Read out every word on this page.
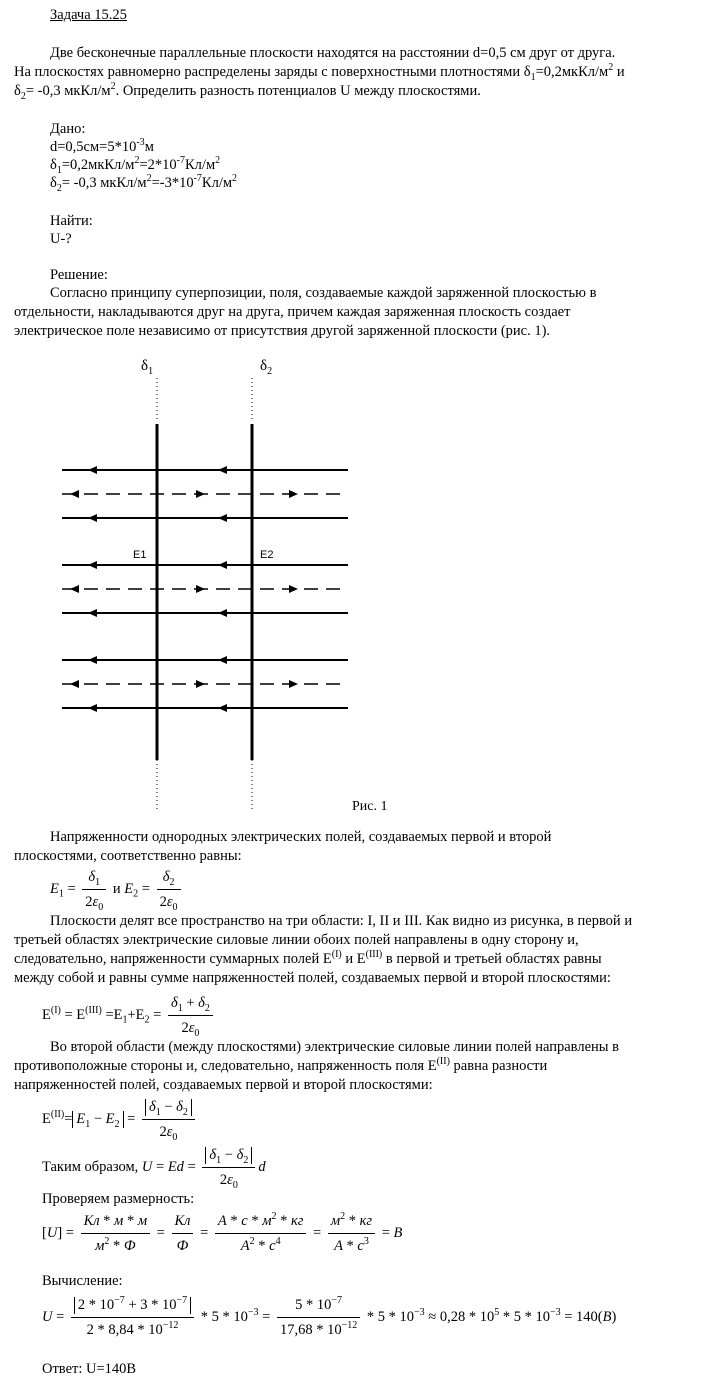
Задача 15.25
Две бесконечные параллельные плоскости находятся на расстоянии d=0,5 см друг от друга.
На плоскостях равномерно распределены заряды с поверхностными плотностями $\delta_1=0,2мкКл/м^2$ и
$\delta_2= -0,3$ мкКл/$м^2$. Определить разность потенциалов U между плоскостями.
Дано:
$d=0,5см=5*10^{-3}м$
$\delta_1=0,2мкКл/м^2=2*10^{-7}Кл/м^2$
$\delta_2= -0,3$ мкКл/$м^2=-3*10^{-7}Кл/м^2$
Найти:
U-?
Решение:
Согласно принципу суперпозиции, поля, создаваемые каждой заряженной плоскостью в
отдельности, накладываются друг на друга, причем каждая заряженная плоскость создает
электрическое поле независимо от присутствия другой заряженной плоскости (рис. 1).
$\delta_1$	$\delta_2$
E1	E2
Рис. 1
Напряженности однородных электрических полей, создаваемых первой и второй
плоскостями, соответственно равны:
$E_1 = \frac{\delta_1}{2\varepsilon_0}$ и $E_2 = \frac{\delta_2}{2\varepsilon_0}$
Плоскости делят все пространство на три области: I, II и III. Как видно из рисунка, в первой и
третьей областях электрические силовые линии обоих полей направлены в одну сторону и,
следовательно, напряженности суммарных полей $E^{(I)}$ и $E^{(III)}$ в первой и третьей областях равны
между собой и равны сумме напряженностей полей, создаваемых первой и второй плоскостями:
$E^{(I)} = E^{(III)} =E_1+E_2 = \frac{\delta_1 + \delta_2}{2\varepsilon_0}$
Во второй области (между плоскостями) электрические силовые линии полей направлены в
противоположные стороны и, следовательно, напряженность поля $E^{(II)}$ равна разности
напряженностей полей, создаваемых первой и второй плоскостями:
$E^{(II)}= E_1 - E_2 = \frac{\delta_1 - \delta_2}{2\varepsilon_0}$
Таким образом, $U = Ed = \frac{\delta_1 - \delta_2}{2\varepsilon_0}$ d
Проверяем размерность:
$[U] = \frac{Кл * м * м}{м^2 * Ф} = \frac{Кл}{Ф} = \frac{А * с * м^2 * кг}{А^2 * с^4} = \frac{м^2 * кг}{А * с^3} = В$
Вычисление:
$U = \frac{2 * 10^{-7} + 3 * 10^{-7}}{2 * 8,84 * 10^{-12}} * 5 * 10^{-3} = \frac{5 * 10^{-7}}{17,68 * 10^{-12}} * 5 * 10^{-3} \approx 0,28 * 10^5 * 5 * 10^{-3} = 140(В)$
Ответ: U=140В
